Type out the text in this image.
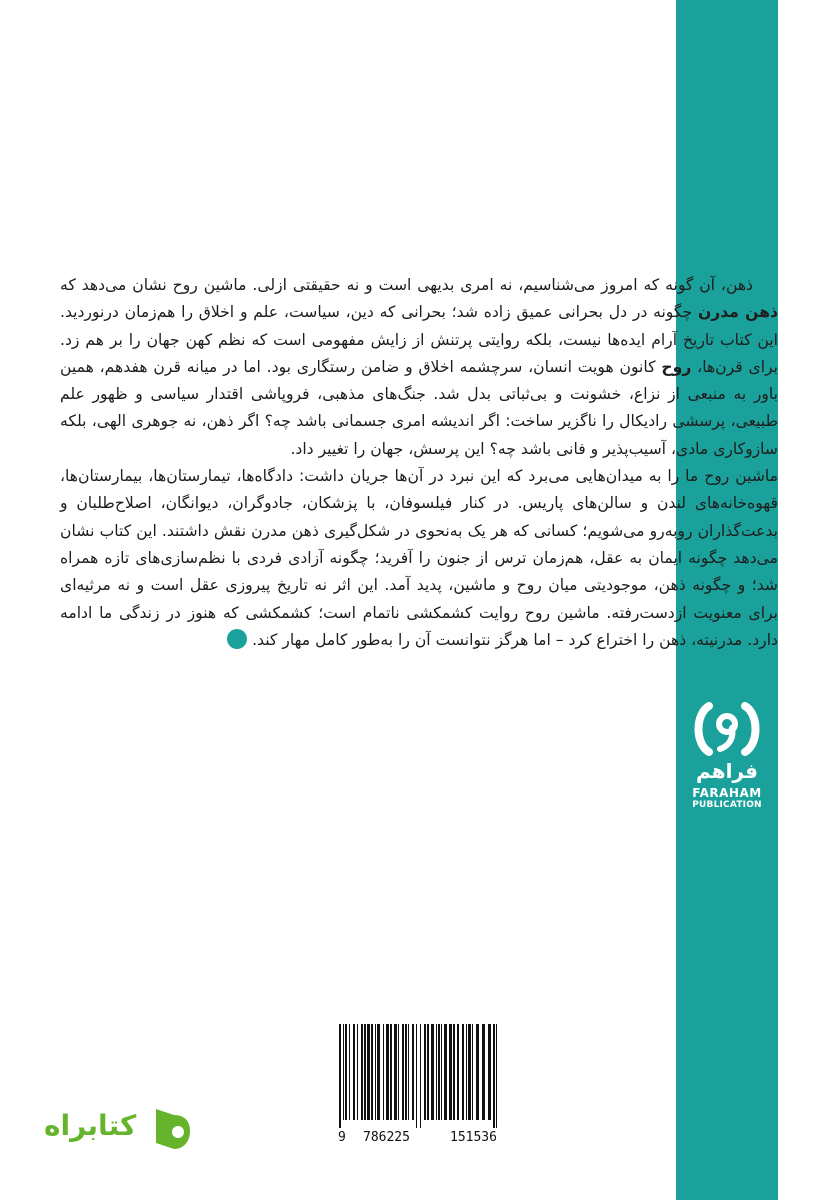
ذهن، آن گونه که امروز می‌شناسیم، نه امری بدیهی است و نه حقیقتی ازلی. ماشین روح نشان می‌دهد که ذهن مدرن چگونه در دل بحرانی عمیق زاده شد؛ بحرانی که دین، سیاست، علم و اخلاق را هم‌زمان درنوردید. این کتاب تاریخ آرام ایده‌ها نیست، بلکه روایتی پرتنش از زایش مفهومی است که نظم کهن جهان را بر هم زد. برای قرن‌ها، روح کانون هویت انسان، سرچشمه اخلاق و ضامن رستگاری بود. اما در میانه قرن هفدهم، همین باور به منبعی از نزاع، خشونت و بی‌ثباتی بدل شد. جنگ‌های مذهبی، فروپاشی اقتدار سیاسی و ظهور علم طبیعی، پرسشی رادیکال را ناگزیر ساخت: اگر اندیشه امری جسمانی باشد چه؟ اگر ذهن، نه جوهری الهی، بلکه سازوکاری مادی، آسیب‌پذیر و فانی باشد چه؟ این پرسش، جهان را تغییر داد.

ماشین روح ما را به میدان‌هایی می‌برد که این نبرد در آن‌ها جریان داشت: دادگاه‌ها، تیمارستان‌ها، بیمارستان‌ها، قهوه‌خانه‌های لندن و سالن‌های پاریس. در کنار فیلسوفان، با پزشکان، جادوگران، دیوانگان، اصلاح‌طلبان و بدعت‌گذاران روبه‌رو می‌شویم؛ کسانی که هر یک به‌نحوی در شکل‌گیری ذهن مدرن نقش داشتند. این کتاب نشان می‌دهد چگونه ایمان به عقل، هم‌زمان ترس از جنون را آفرید؛ چگونه آزادی فردی با نظم‌سازی‌های تازه همراه شد؛ و چگونه ذهن، موجودیتی میان روح و ماشین، پدید آمد. این اثر نه تاریخ پیروزی عقل است و نه مرثیه‌ای برای معنویت ازدست‌رفته. ماشین روح روایت کشمکشی ناتمام است؛ کشمکشی که هنوز در زندگی ما ادامه دارد. مدرنیته، ذهن را اختراع کرد – اما هرگز نتوانست آن را به‌طور کامل مهار کند.

فراهم
FARAHAM
PUBLICATION
9 786225	151536
کتابراه
